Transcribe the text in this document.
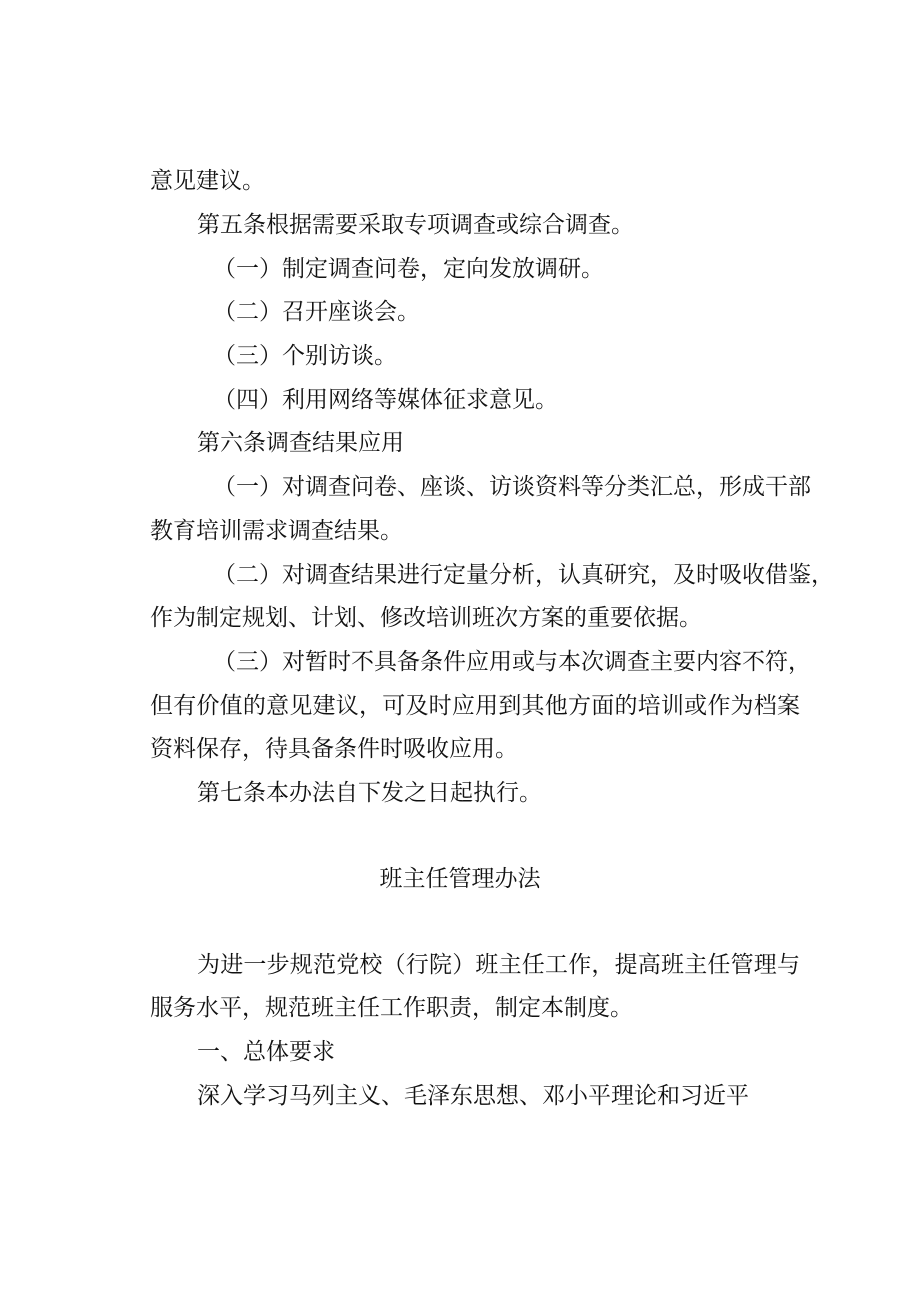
意见建议。
第五条根据需要采取专项调查或综合调查。
（一）制定调查问卷，定向发放调研。
（二）召开座谈会。
（三）个别访谈。
（四）利用网络等媒体征求意见。
第六条调查结果应用
（一）对调查问卷、座谈、访谈资料等分类汇总，形成干部
教育培训需求调查结果。
（二）对调查结果进行定量分析，认真研究，及时吸收借鉴，
作为制定规划、计划、修改培训班次方案的重要依据。
（三）对暂时不具备条件应用或与本次调查主要内容不符，
但有价值的意见建议，可及时应用到其他方面的培训或作为档案
资料保存，待具备条件时吸收应用。
第七条本办法自下发之日起执行。
班主任管理办法
为进一步规范党校（行院）班主任工作，提高班主任管理与
服务水平，规范班主任工作职责，制定本制度。
一、总体要求
深入学习马列主义、毛泽东思想、邓小平理论和习近平
